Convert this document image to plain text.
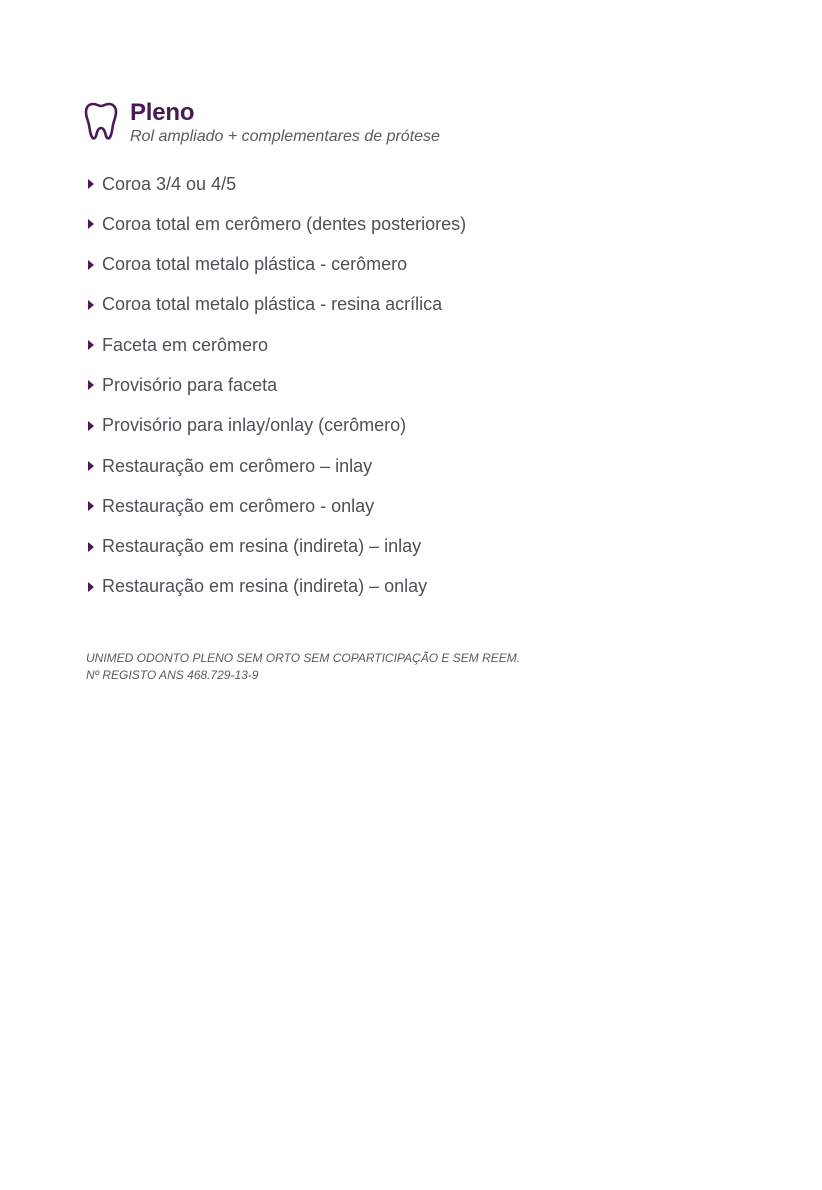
Pleno
Rol ampliado + complementares de prótese
Coroa 3/4 ou 4/5
Coroa total em cerômero (dentes posteriores)
Coroa total metalo plástica - cerômero
Coroa total metalo plástica - resina acrílica
Faceta em cerômero
Provisório para faceta
Provisório para inlay/onlay (cerômero)
Restauração em cerômero – inlay
Restauração em cerômero - onlay
Restauração em resina (indireta) – inlay
Restauração em resina (indireta) – onlay
UNIMED ODONTO PLENO SEM ORTO SEM COPARTICIPAÇÃO E SEM REEM.
Nº REGISTO ANS 468.729-13-9
